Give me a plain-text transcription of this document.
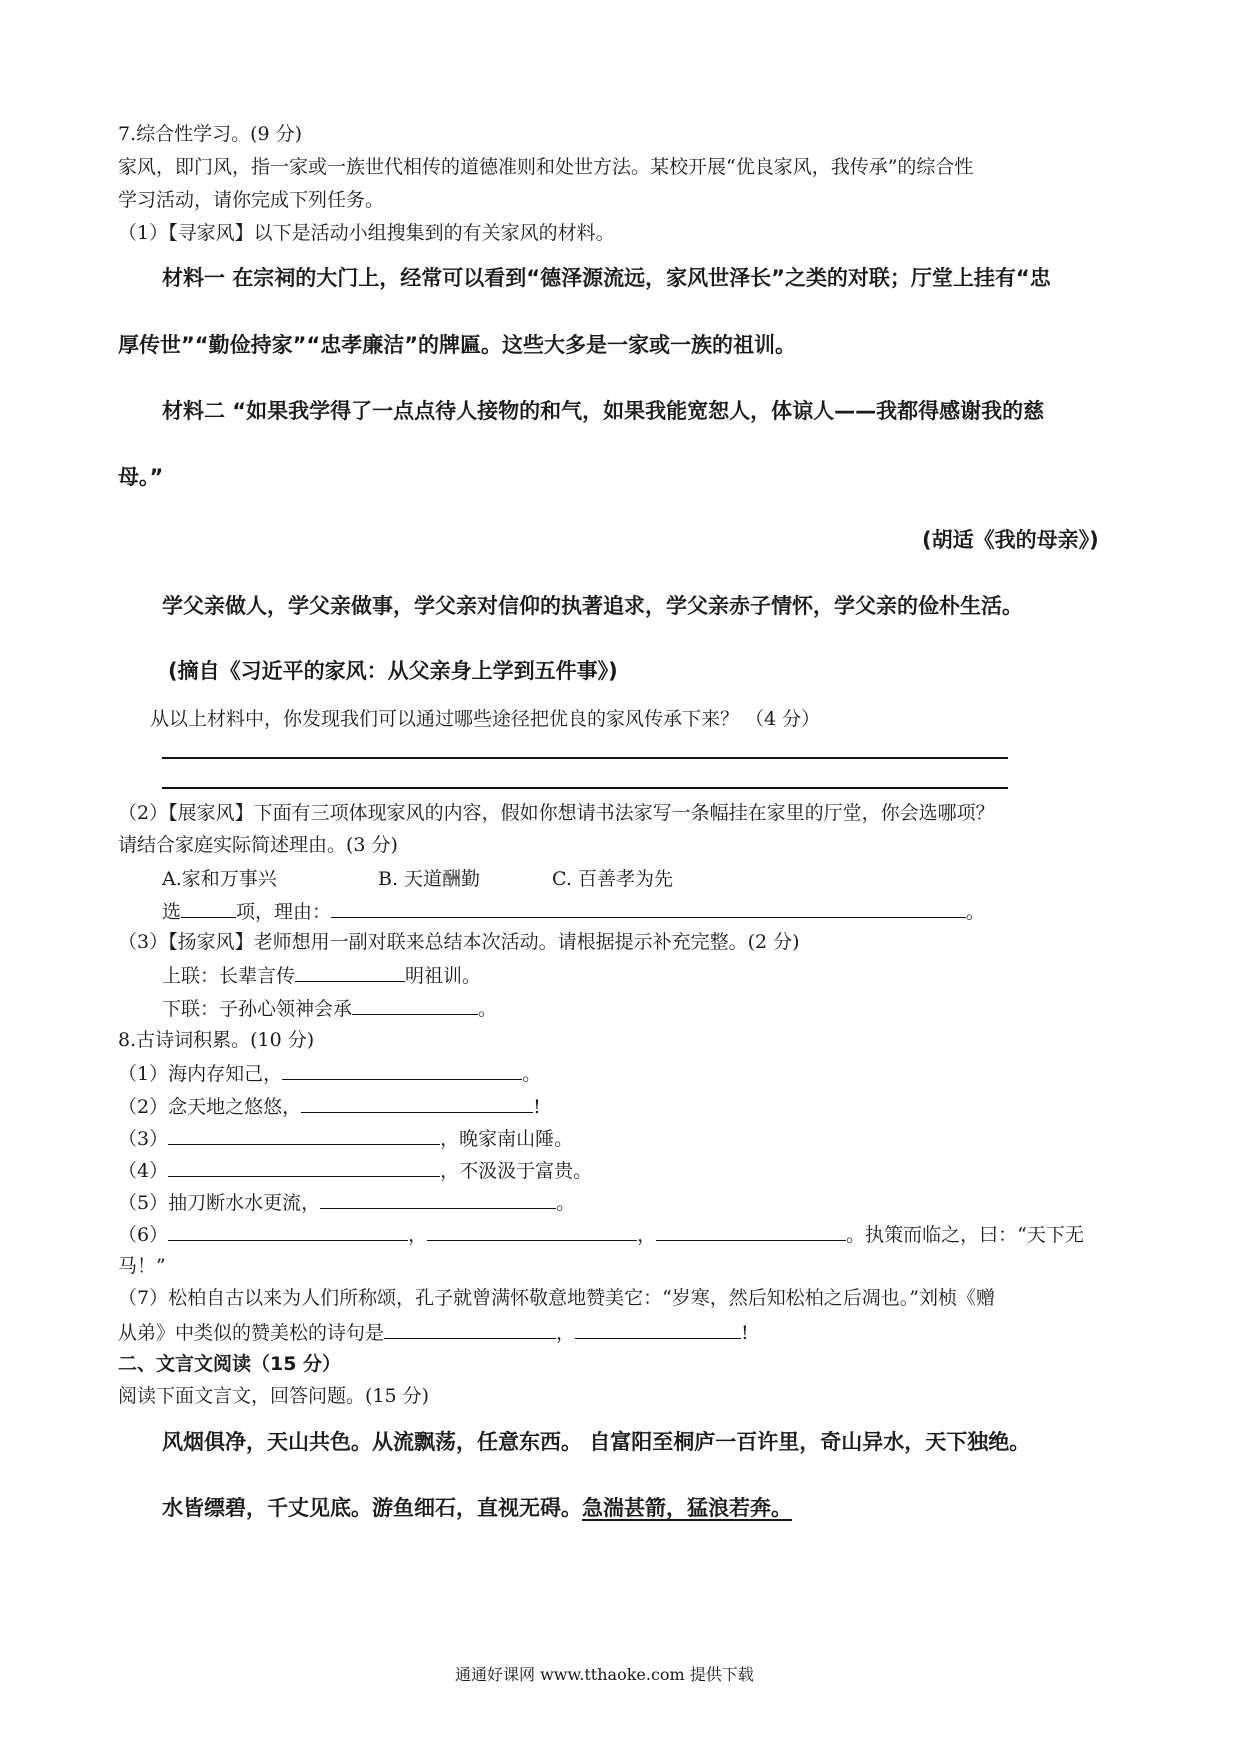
7.综合性学习。(9 分)
家风，即门风，指一家或一族世代相传的道德准则和处世方法。某校开展“优良家风，我传承”的综合性
学习活动，请你完成下列任务。
（1）【寻家风】以下是活动小组搜集到的有关家风的材料。
材料一 在宗祠的大门上，经常可以看到“德泽源流远，家风世泽长”之类的对联；厅堂上挂有“忠
厚传世”“勤俭持家”“忠孝廉洁”的牌匾。这些大多是一家或一族的祖训。
材料二 “如果我学得了一点点待人接物的和气，如果我能宽恕人，体谅人——我都得感谢我的慈
母。”
(胡适《我的母亲》)
学父亲做人，学父亲做事，学父亲对信仰的执著追求，学父亲赤子情怀，学父亲的俭朴生活。
(摘自《习近平的家风：从父亲身上学到五件事》)
从以上材料中，你发现我们可以通过哪些途径把优良的家风传承下来？ （4 分）
（2）【展家风】下面有三项体现家风的内容，假如你想请书法家写一条幅挂在家里的厅堂，你会选哪项？
请结合家庭实际简述理由。(3 分)
A.家和万事兴	B. 天道酬勤	C. 百善孝为先
选	项，理由：	。
（3）【扬家风】老师想用一副对联来总结本次活动。请根据提示补充完整。(2 分)
上联：长辈言传	明祖训。
下联：子孙心领神会承	。
8.古诗词积累。(10 分)
（1）海内存知己，	。
（2）念天地之悠悠，	!
（3）	，晚家南山陲。
（4）	，不汲汲于富贵。
（5）抽刀断水水更流，	。
（6）	，	，	。执策而临之，曰：“天下无
马！”
（7）松柏自古以来为人们所称颂，孔子就曾满怀敬意地赞美它：“岁寒，然后知松柏之后凋也。”刘桢《赠
从弟》中类似的赞美松的诗句是	，	!
二、文言文阅读（15 分）
阅读下面文言文，回答问题。(15 分)
风烟俱净，天山共色。从流飘荡，任意东西。 自富阳至桐庐一百许里，奇山异水，天下独绝。
水皆缥碧，千丈见底。游鱼细石，直视无碍。急湍甚箭，猛浪若奔。
通通好课网 www.tthaoke.com 提供下载
